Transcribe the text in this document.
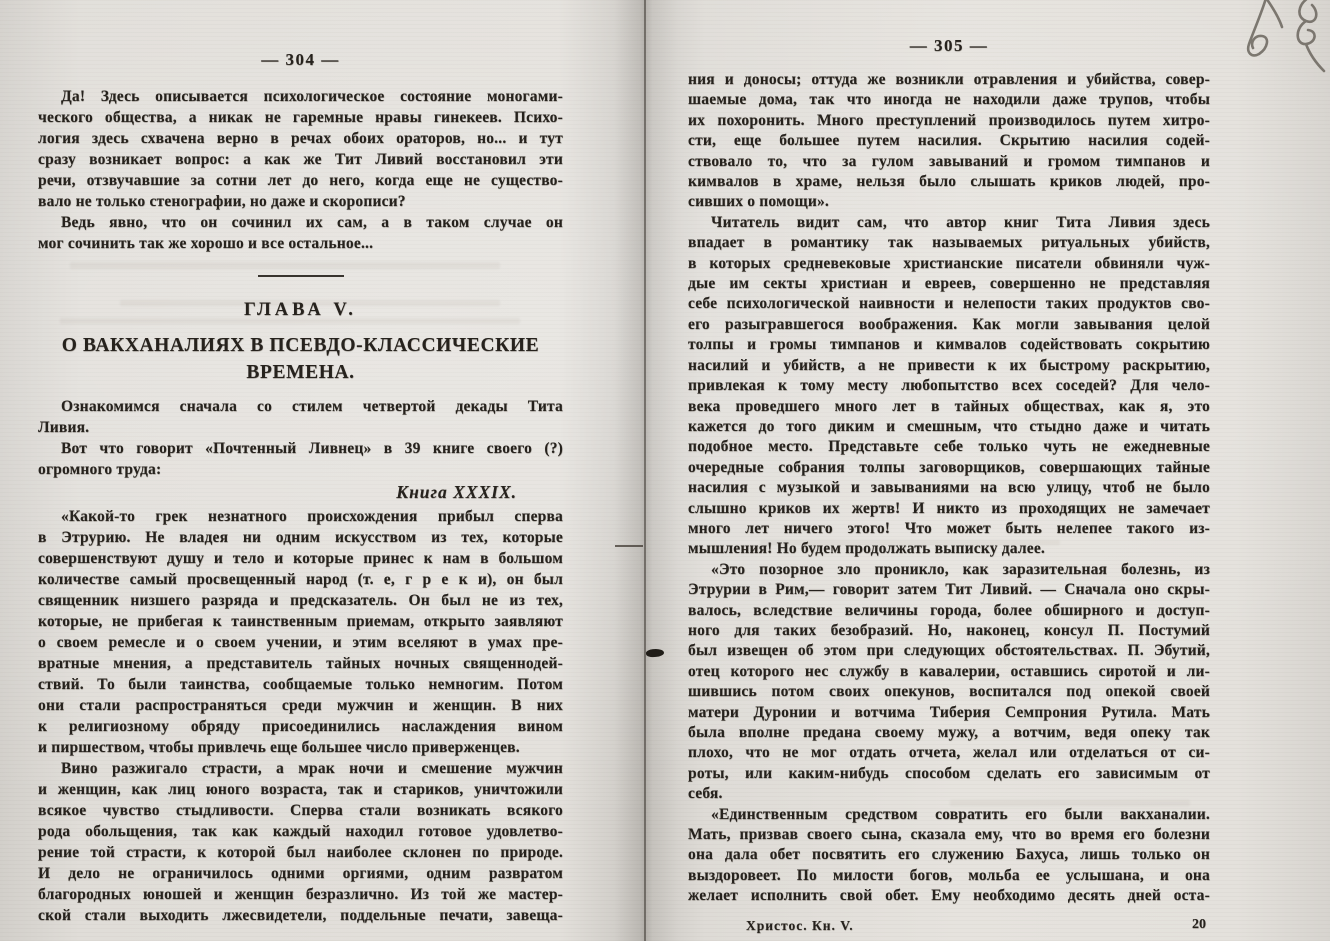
— 304 —
Да! Здесь описывается психологическое состояние моногами-
ческого общества, а никак не гаремные нравы гинекеев. Психо-
логия здесь схвачена верно в речах обоих ораторов, но... и тут
сразу возникает вопрос: а как же Тит Ливий восстановил эти
речи, отзвучавшие за сотни лет до него, когда еще не существо-
вало не только стенографии, но даже и скорописи?
Ведь явно, что он сочинил их сам, а в таком случае он
мог сочинить так же хорошо и все остальное...
ГЛАВА V.
О ВАКХАНАЛИЯХ В ПСЕВДО-КЛАССИЧЕСКИЕ
ВРЕМЕНА.
Ознакомимся сначала со стилем четвертой декады Тита
Ливия.
Вот что говорит «Почтенный Ливнец» в 39 книге своего (?)
огромного труда:
Книга XXXIX.
«Какой-то грек незнатного происхождения прибыл сперва
в Этрурию. Не владея ни одним искусством из тех, которые
совершенствуют душу и тело и которые принес к нам в большом
количестве самый просвещенный народ (т. е, г р е к и), он был
священник низшего разряда и предсказатель. Он был не из тех,
которые, не прибегая к таинственным приемам, открыто заявляют
о своем ремесле и о своем учении, и этим вселяют в умах пре-
вратные мнения, а представитель тайных ночных священнодей-
ствий. То были таинства, сообщаемые только немногим. Потом
они стали распространяться среди мужчин и женщин. В них
к религиозному обряду присоединились наслаждения вином
и пиршеством, чтобы привлечь еще большее число приверженцев.
Вино разжигало страсти, а мрак ночи и смешение мужчин
и женщин, как лиц юного возраста, так и стариков, уничтожили
всякое чувство стыдливости. Сперва стали возникать всякого
рода обольщения, так как каждый находил готовое удовлетво-
рение той страсти, к которой был наиболее склонен по природе.
И дело не ограничилось одними оргиями, одним развратом
благородных юношей и женщин безразлично. Из той же мастер-
ской стали выходить лжесвидетели, поддельные печати, завеща-
— 305 —
ния и доносы; оттуда же возникли отравления и убийства, совер-
шаемые дома, так что иногда не находили даже трупов, чтобы
их похоронить. Много преступлений производилось путем хитро-
сти, еще большее путем насилия. Скрытию насилия содей-
ствовало то, что за гулом завываний и громом тимпанов и
кимвалов в храме, нельзя было слышать криков людей, про-
сивших о помощи».
Читатель видит сам, что автор книг Тита Ливия здесь
впадает в романтику так называемых ритуальных убийств,
в которых средневековые христианские писатели обвиняли чуж-
дые им секты христиан и евреев, совершенно не представляя
себе психологической наивности и нелепости таких продуктов сво-
его разыгравшегося воображения. Как могли завывания целой
толпы и громы тимпанов и кимвалов содействовать сокрытию
насилий и убийств, а не привести к их быстрому раскрытию,
привлекая к тому месту любопытство всех соседей? Для чело-
века проведшего много лет в тайных обществах, как я, это
кажется до того диким и смешным, что стыдно даже и читать
подобное место. Представьте себе только чуть не ежедневные
очередные собрания толпы заговорщиков, совершающих тайные
насилия с музыкой и завываниями на всю улицу, чтоб не было
слышно криков их жертв! И никто из проходящих не замечает
много лет ничего этого! Что может быть нелепее такого из-
мышления! Но будем продолжать выписку далее.
«Это позорное зло проникло, как заразительная болезнь, из
Этрурии в Рим,— говорит затем Тит Ливий. — Сначала оно скры-
валось, вследствие величины города, более обширного и доступ-
ного для таких безобразий. Но, наконец, консул П. Постумий
был извещен об этом при следующих обстоятельствах. П. Эбутий,
отец которого нес службу в кавалерии, оставшись сиротой и ли-
шившись потом своих опекунов, воспитался под опекой своей
матери Дуронии и вотчима Тиберия Семпрония Рутила. Мать
была вполне предана своему мужу, а вотчим, ведя опеку так
плохо, что не мог отдать отчета, желал или отделаться от си-
роты, или каким-нибудь способом сделать его зависимым от
себя.
«Единственным средством совратить его были вакханалии.
Мать, призвав своего сына, сказала ему, что во время его болезни
она дала обет посвятить его служению Бахуса, лишь только он
выздоровеет. По милости богов, мольба ее услышана, и она
желает исполнить свой обет. Ему необходимо десять дней оста-
Христос. Кн. V.	20
